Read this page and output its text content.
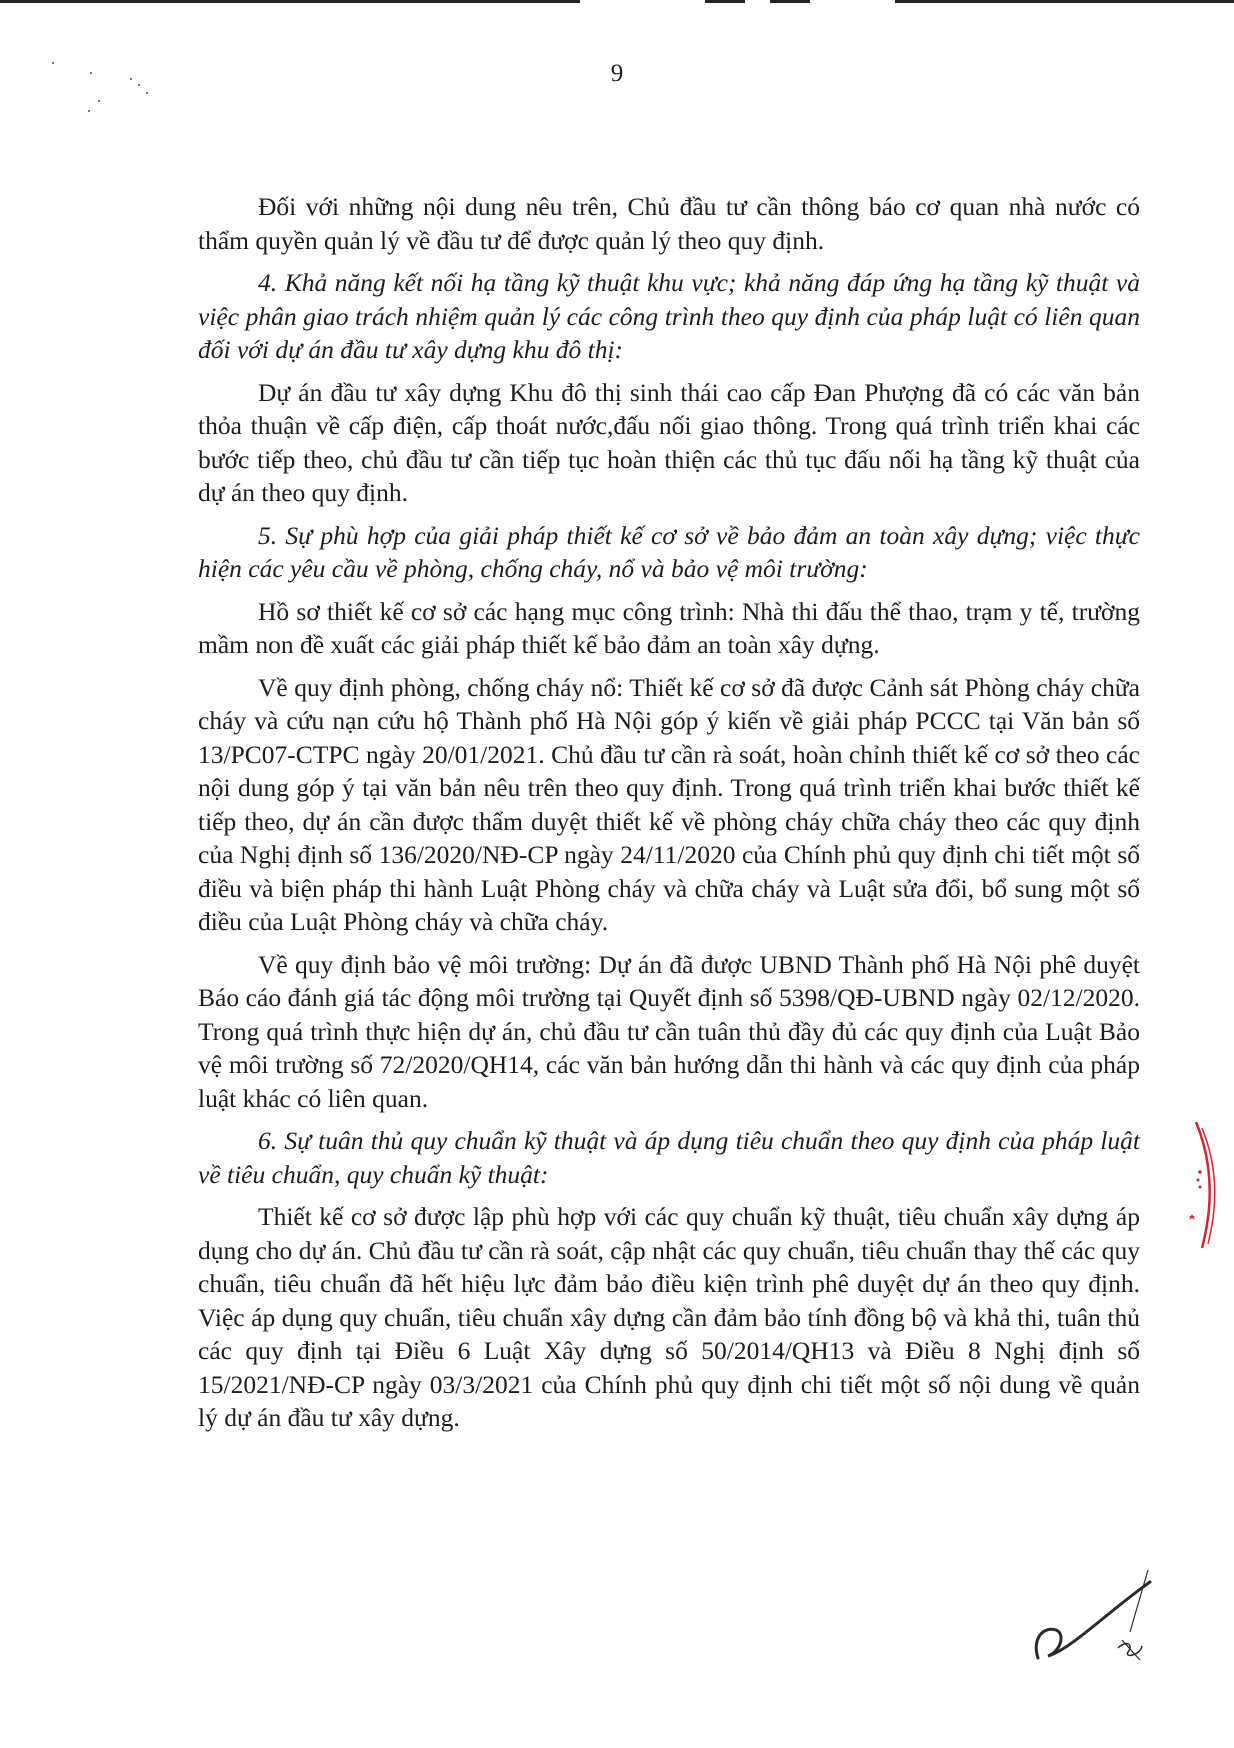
9

Đối với những nội dung nêu trên, Chủ đầu tư cần thông báo cơ quan nhà nước có thẩm quyền quản lý về đầu tư để được quản lý theo quy định.

4. Khả năng kết nối hạ tầng kỹ thuật khu vực; khả năng đáp ứng hạ tầng kỹ thuật và việc phân giao trách nhiệm quản lý các công trình theo quy định của pháp luật có liên quan đối với dự án đầu tư xây dựng khu đô thị:

Dự án đầu tư xây dựng Khu đô thị sinh thái cao cấp Đan Phượng đã có các văn bản thỏa thuận về cấp điện, cấp thoát nước,đấu nối giao thông. Trong quá trình triển khai các bước tiếp theo, chủ đầu tư cần tiếp tục hoàn thiện các thủ tục đấu nối hạ tầng kỹ thuật của dự án theo quy định.

5. Sự phù hợp của giải pháp thiết kế cơ sở về bảo đảm an toàn xây dựng; việc thực hiện các yêu cầu về phòng, chống cháy, nổ và bảo vệ môi trường:

Hồ sơ thiết kế cơ sở các hạng mục công trình: Nhà thi đấu thể thao, trạm y tế, trường mầm non đề xuất các giải pháp thiết kế bảo đảm an toàn xây dựng.

Về quy định phòng, chống cháy nổ: Thiết kế cơ sở đã được Cảnh sát Phòng cháy chữa cháy và cứu nạn cứu hộ Thành phố Hà Nội góp ý kiến về giải pháp PCCC tại Văn bản số 13/PC07-CTPC ngày 20/01/2021. Chủ đầu tư cần rà soát, hoàn chỉnh thiết kế cơ sở theo các nội dung góp ý tại văn bản nêu trên theo quy định. Trong quá trình triển khai bước thiết kế tiếp theo, dự án cần được thẩm duyệt thiết kế về phòng cháy chữa cháy theo các quy định của Nghị định số 136/2020/NĐ-CP ngày 24/11/2020 của Chính phủ quy định chi tiết một số điều và biện pháp thi hành Luật Phòng cháy và chữa cháy và Luật sửa đổi, bổ sung một số điều của Luật Phòng cháy và chữa cháy.

Về quy định bảo vệ môi trường: Dự án đã được UBND Thành phố Hà Nội phê duyệt Báo cáo đánh giá tác động môi trường tại Quyết định số 5398/QĐ-UBND ngày 02/12/2020. Trong quá trình thực hiện dự án, chủ đầu tư cần tuân thủ đầy đủ các quy định của Luật Bảo vệ môi trường số 72/2020/QH14, các văn bản hướng dẫn thi hành và các quy định của pháp luật khác có liên quan.

6. Sự tuân thủ quy chuẩn kỹ thuật và áp dụng tiêu chuẩn theo quy định của pháp luật về tiêu chuẩn, quy chuẩn kỹ thuật:

Thiết kế cơ sở được lập phù hợp với các quy chuẩn kỹ thuật, tiêu chuẩn xây dựng áp dụng cho dự án. Chủ đầu tư cần rà soát, cập nhật các quy chuẩn, tiêu chuẩn thay thế các quy chuẩn, tiêu chuẩn đã hết hiệu lực đảm bảo điều kiện trình phê duyệt dự án theo quy định. Việc áp dụng quy chuẩn, tiêu chuẩn xây dựng cần đảm bảo tính đồng bộ và khả thi, tuân thủ các quy định tại Điều 6 Luật Xây dựng số 50/2014/QH13 và Điều 8 Nghị định số 15/2021/NĐ-CP ngày 03/3/2021 của Chính phủ quy định chi tiết một số nội dung về quản lý dự án đầu tư xây dựng.
